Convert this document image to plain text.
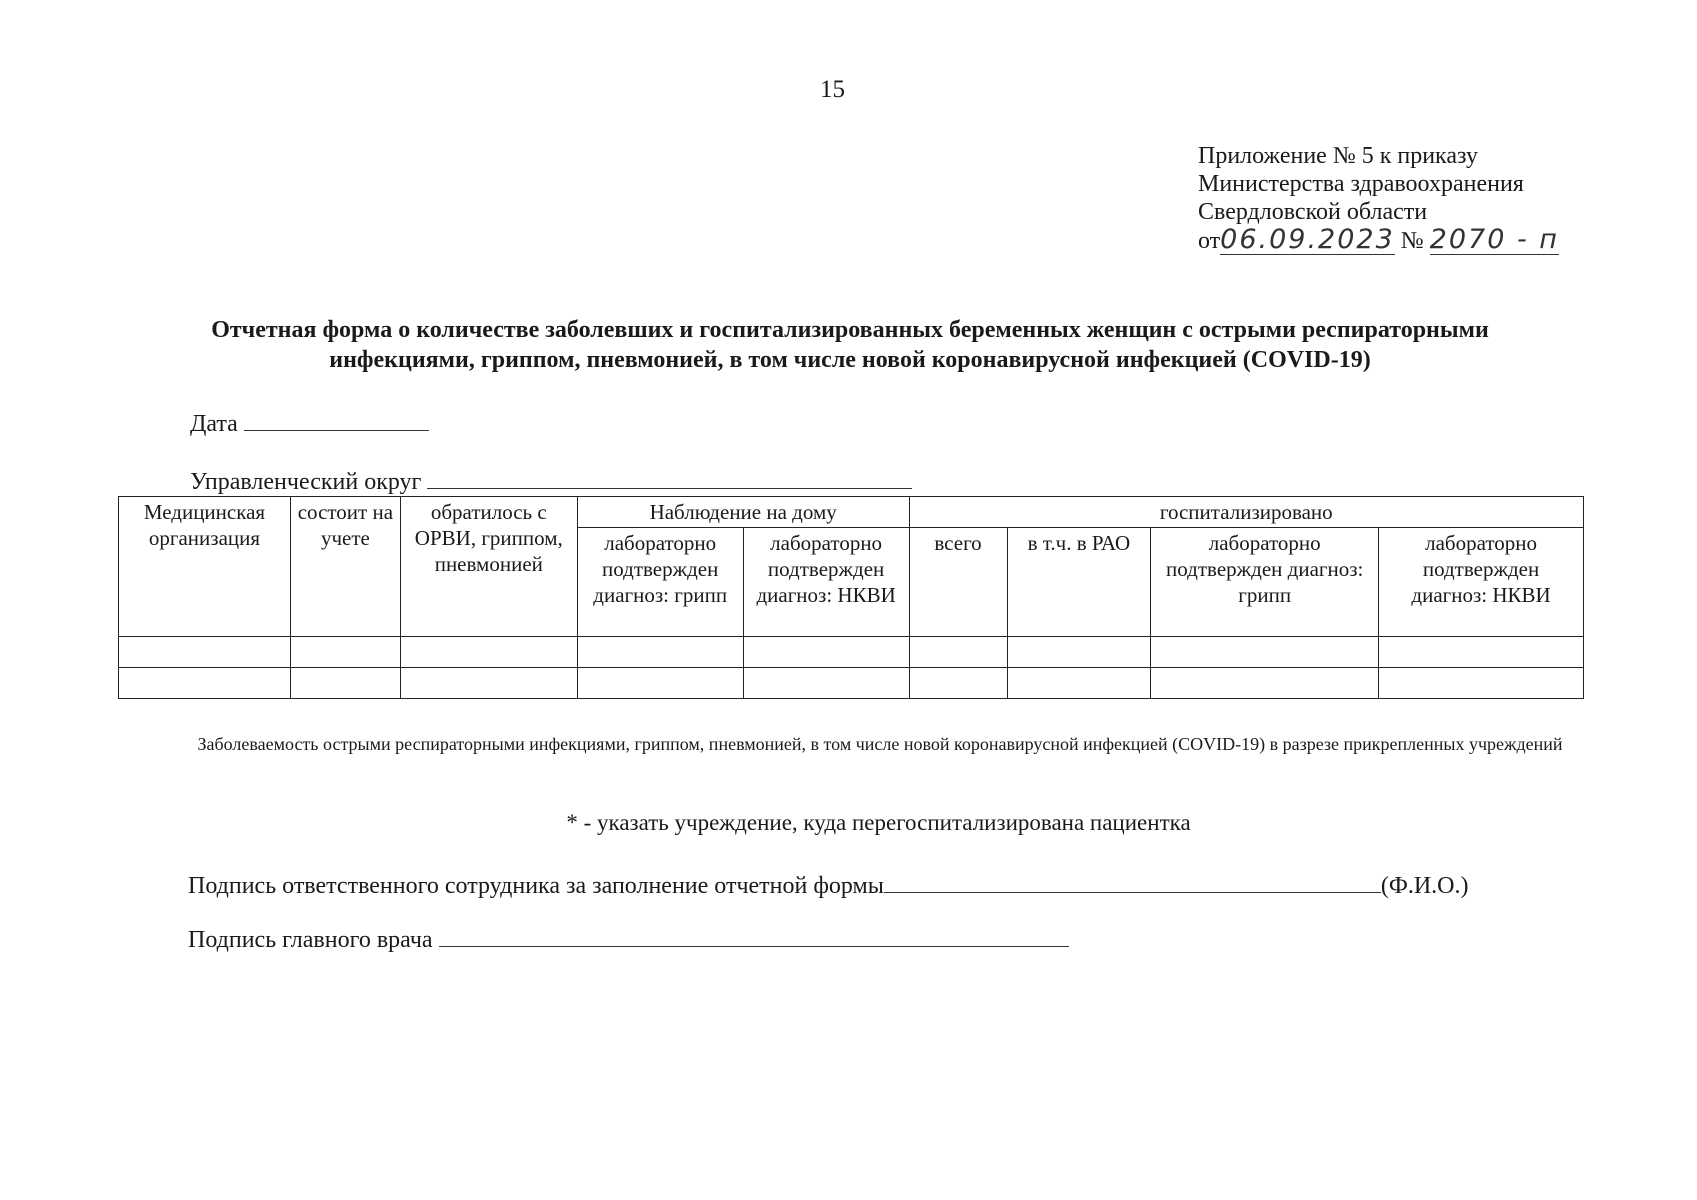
15
Приложение № 5 к приказу
Министерства здравоохранения
Свердловской области
от06.09.2023 № 2070 - п
Отчетная форма о количестве заболевших и госпитализированных беременных женщин с острыми респираторными
инфекциями, гриппом, пневмонией, в том числе новой коронавирусной инфекцией (COVID-19)
Дата
Управленческий округ
Медицинская организация	состоит на учете	обратилось с ОРВИ, гриппом, пневмонией	Наблюдение на дому		госпитализировано			
			лабораторно подтвержден диагноз: грипп	лабораторно подтвержден диагноз: НКВИ	всего	в т.ч. в РАО	лабораторно подтвержден диагноз: грипп	лабораторно подтвержден диагноз: НКВИ

Заболеваемость острыми респираторными инфекциями, гриппом, пневмонией, в том числе новой коронавирусной инфекцией (COVID-19) в разрезе прикрепленных учреждений
* - указать учреждение, куда перегоспитализирована пациентка
Подпись ответственного сотрудника за заполнение отчетной формы	(Ф.И.О.)
Подпись главного врача
